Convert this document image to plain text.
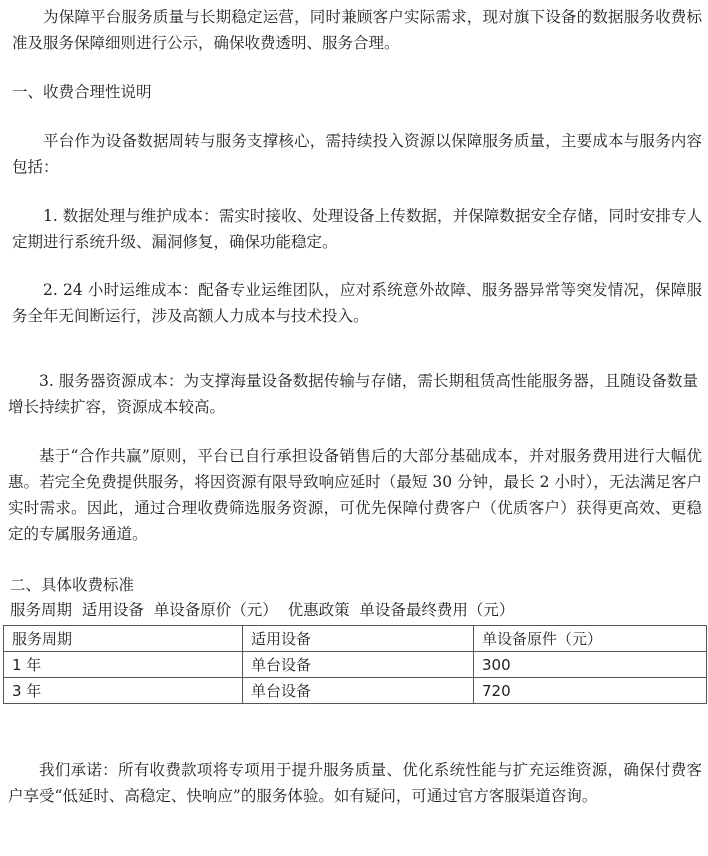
为保障平台服务质量与长期稳定运营，同时兼顾客户实际需求，现对旗下设备的数据服务收费标准及服务保障细则进行公示，确保收费透明、服务合理。

一、收费合理性说明

平台作为设备数据周转与服务支撑核心，需持续投入资源以保障服务质量，主要成本与服务内容包括：

1. 数据处理与维护成本：需实时接收、处理设备上传数据，并保障数据安全存储，同时安排专人定期进行系统升级、漏洞修复，确保功能稳定。

2. 24 小时运维成本：配备专业运维团队，应对系统意外故障、服务器异常等突发情况，保障服务全年无间断运行，涉及高额人力成本与技术投入。

3. 服务器资源成本：为支撑海量设备数据传输与存储，需长期租赁高性能服务器，且随设备数量增长持续扩容，资源成本较高。

基于“合作共赢”原则，平台已自行承担设备销售后的大部分基础成本，并对服务费用进行大幅优惠。若完全免费提供服务，将因资源有限导致响应延时（最短 30 分钟，最长 2 小时），无法满足客户实时需求。因此，通过合理收费筛选服务资源，可优先保障付费客户（优质客户）获得更高效、更稳定的专属服务通道。

二、具体收费标准
服务周期  适用设备  单设备原价（元）  优惠政策  单设备最终费用（元）
服务周期	适用设备	单设备原件（元）
1 年	单台设备	300
3 年	单台设备	720

我们承诺：所有收费款项将专项用于提升服务质量、优化系统性能与扩充运维资源，确保付费客户享受“低延时、高稳定、快响应”的服务体验。如有疑问，可通过官方客服渠道咨询。
